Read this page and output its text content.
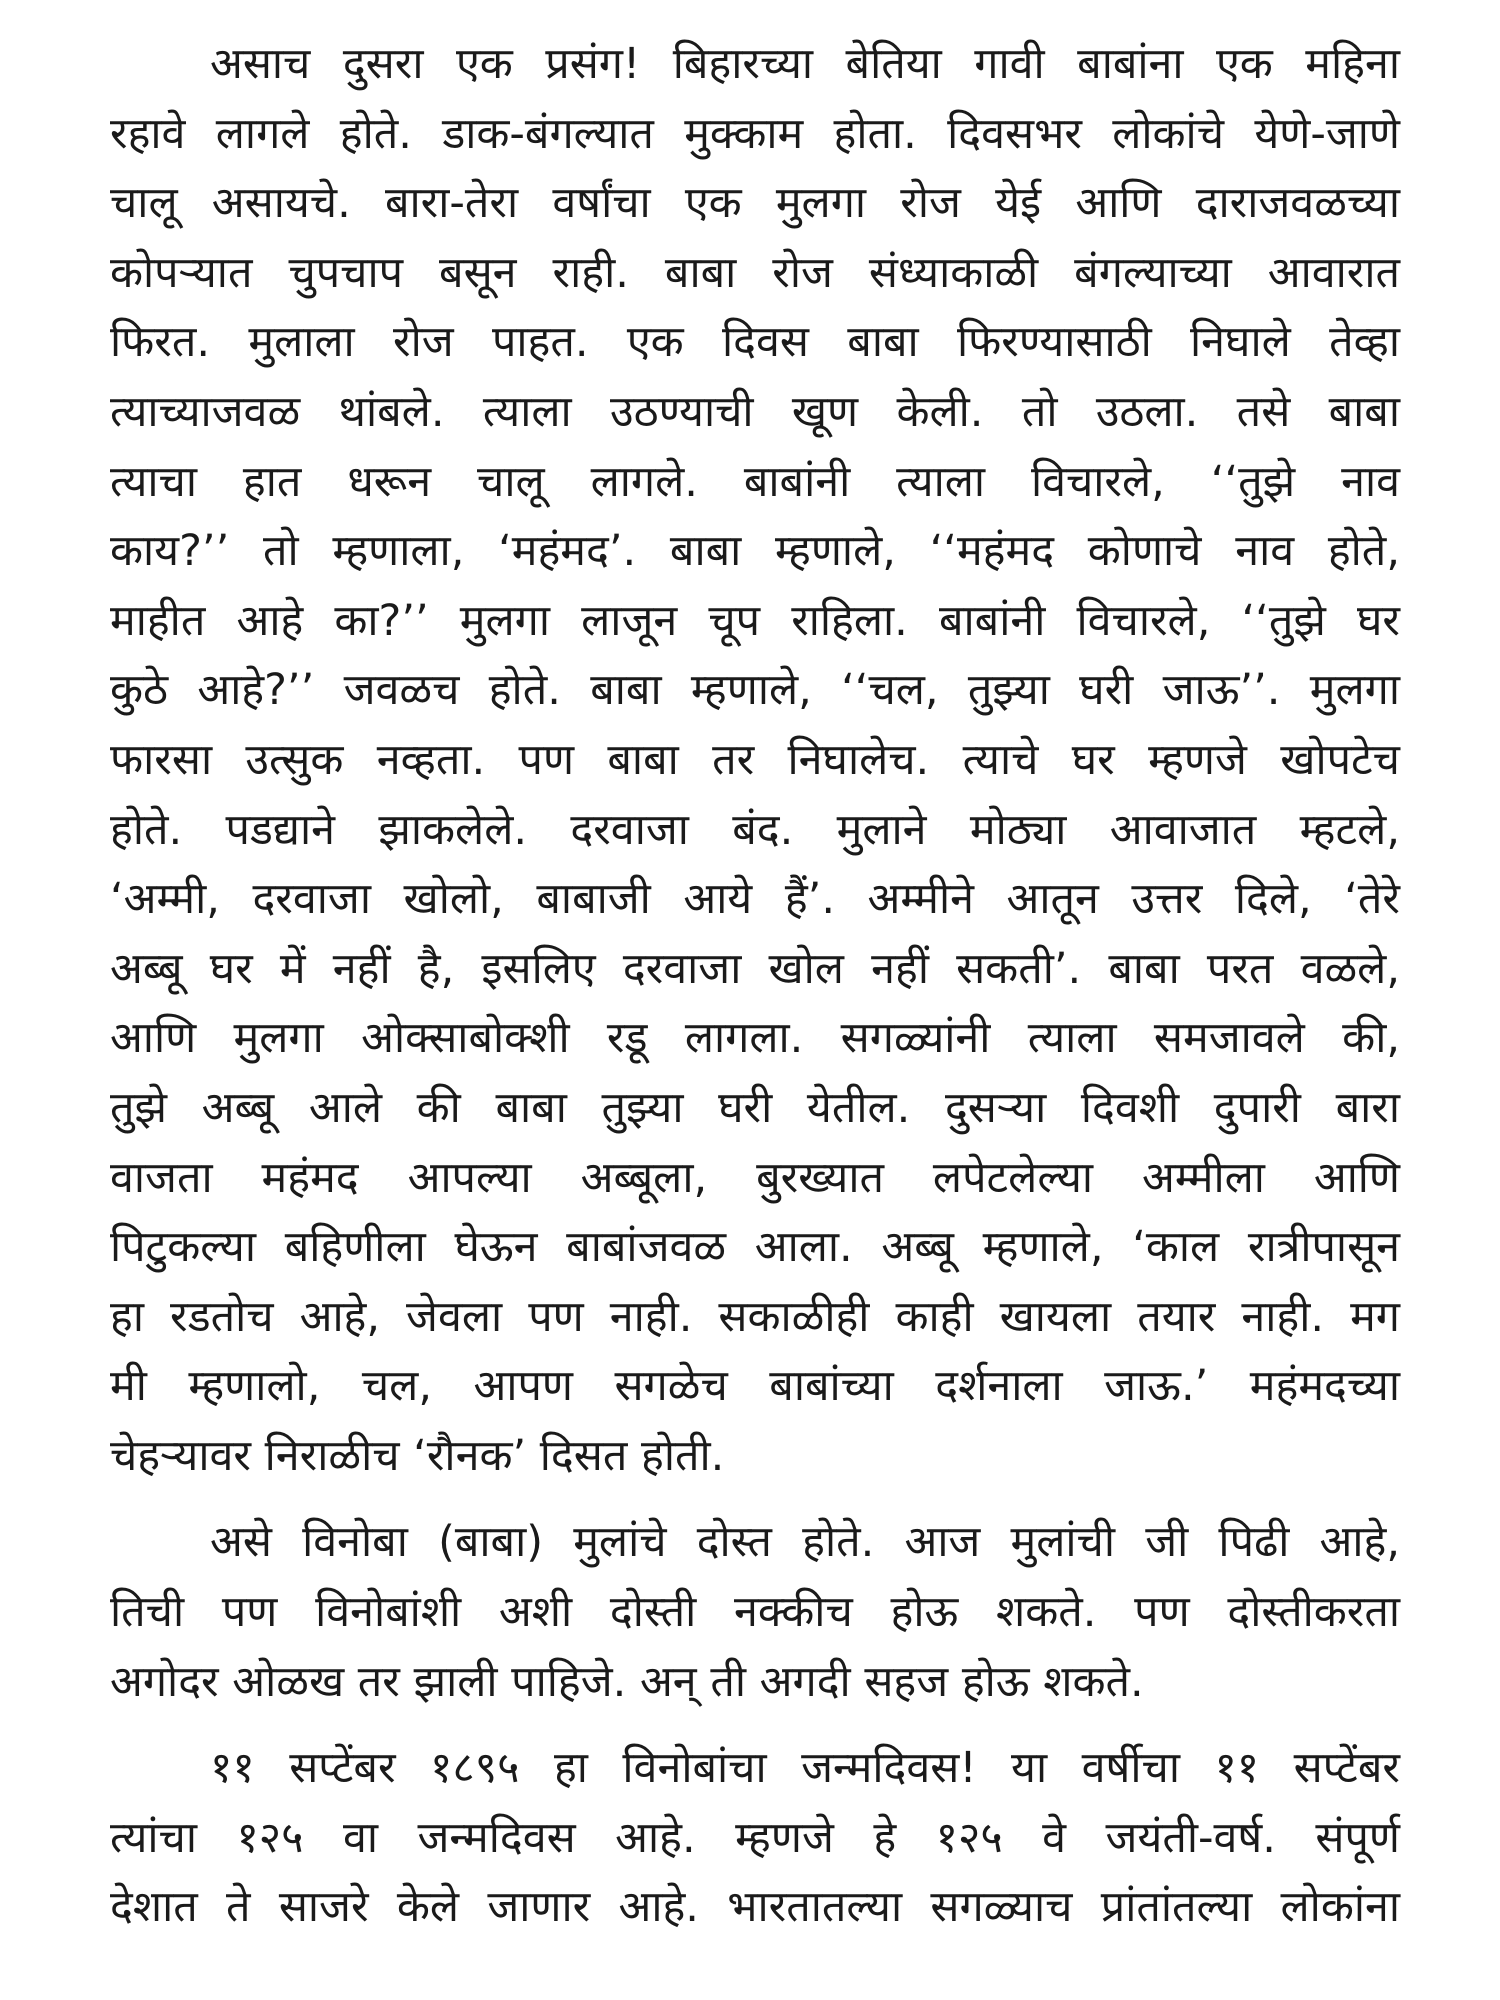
असाच दुसरा एक प्रसंग! बिहारच्या बेतिया गावी बाबांना एक महिना
रहावे लागले होते. डाक-बंगल्यात मुक्काम होता. दिवसभर लोकांचे येणे-जाणे
चालू असायचे. बारा-तेरा वर्षांचा एक मुलगा रोज येई आणि दाराजवळच्या
कोपऱ्यात चुपचाप बसून राही. बाबा रोज संध्याकाळी बंगल्याच्या आवारात
फिरत. मुलाला रोज पाहत. एक दिवस बाबा फिरण्यासाठी निघाले तेव्हा
त्याच्याजवळ थांबले. त्याला उठण्याची खूण केली. तो उठला. तसे बाबा
त्याचा हात धरून चालू लागले. बाबांनी त्याला विचारले, ‘‘तुझे नाव
काय?’’ तो म्हणाला, ‘महंमद’. बाबा म्हणाले, ‘‘महंमद कोणाचे नाव होते,
माहीत आहे का?’’ मुलगा लाजून चूप राहिला. बाबांनी विचारले, ‘‘तुझे घर
कुठे आहे?’’ जवळच होते. बाबा म्हणाले, ‘‘चल, तुझ्या घरी जाऊ’’. मुलगा
फारसा उत्सुक नव्हता. पण बाबा तर निघालेच. त्याचे घर म्हणजे खोपटेच
होते. पडद्याने झाकलेले. दरवाजा बंद. मुलाने मोठ्या आवाजात म्हटले,
‘अम्मी, दरवाजा खोलो, बाबाजी आये हैं’. अम्मीने आतून उत्तर दिले, ‘तेरे
अब्बू घर में नहीं है, इसलिए दरवाजा खोल नहीं सकती’. बाबा परत वळले,
आणि मुलगा ओक्साबोक्शी रडू लागला. सगळ्यांनी त्याला समजावले की,
तुझे अब्बू आले की बाबा तुझ्या घरी येतील. दुसऱ्या दिवशी दुपारी बारा
वाजता महंमद आपल्या अब्बूला, बुरख्यात लपेटलेल्या अम्मीला आणि
पिटुकल्या बहिणीला घेऊन बाबांजवळ आला. अब्बू म्हणाले, ‘काल रात्रीपासून
हा रडतोच आहे, जेवला पण नाही. सकाळीही काही खायला तयार नाही. मग
मी म्हणालो, चल, आपण सगळेच बाबांच्या दर्शनाला जाऊ.’ महंमदच्या
चेहऱ्यावर निराळीच ‘रौनक’ दिसत होती.
असे विनोबा (बाबा) मुलांचे दोस्त होते. आज मुलांची जी पिढी आहे,
तिची पण विनोबांशी अशी दोस्ती नक्कीच होऊ शकते. पण दोस्तीकरता
अगोदर ओळख तर झाली पाहिजे. अन् ती अगदी सहज होऊ शकते.
११ सप्टेंबर १८९५ हा विनोबांचा जन्मदिवस! या वर्षीचा ११ सप्टेंबर
त्यांचा १२५ वा जन्मदिवस आहे. म्हणजे हे १२५ वे जयंती-वर्ष. संपूर्ण
देशात ते साजरे केले जाणार आहे. भारतातल्या सगळ्याच प्रांतांतल्या लोकांना
